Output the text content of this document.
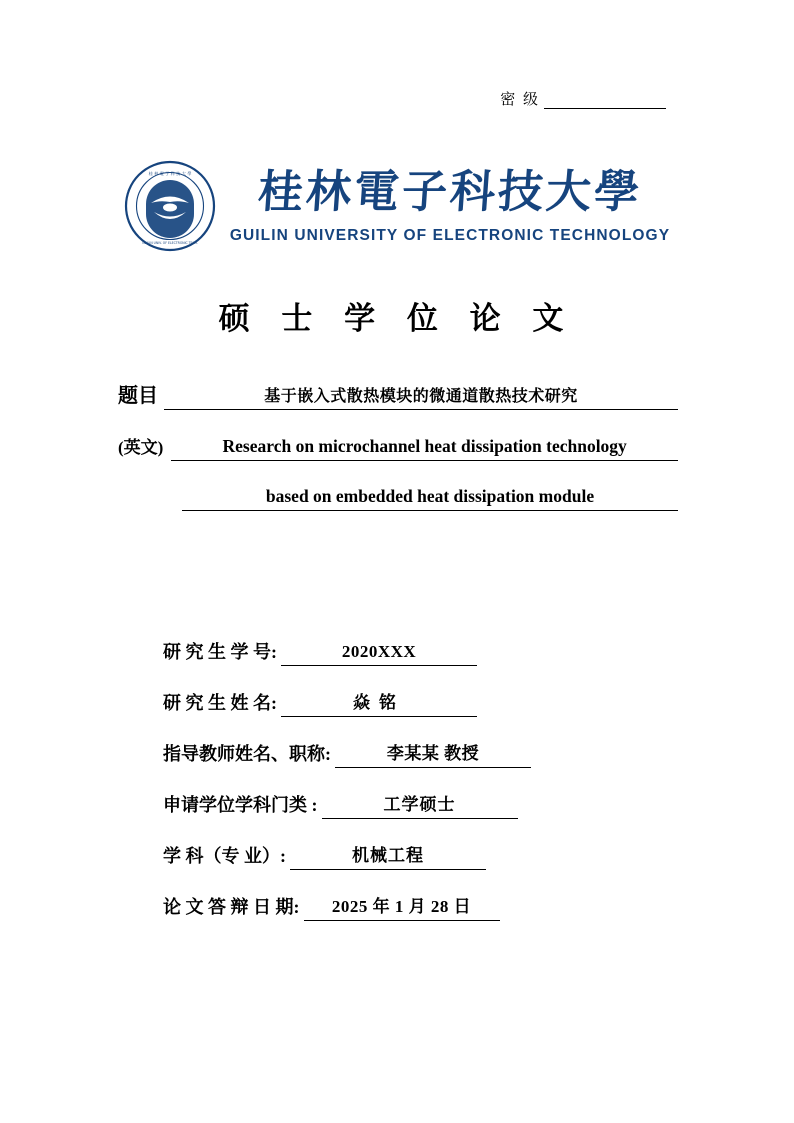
密 级
桂 林 電 子 科 技 大 學
GUILIN UNIV. OF ELECTRONIC TECH.
桂林電子科技大學
GUILIN UNIVERSITY OF ELECTRONIC TECHNOLOGY
硕 士 学 位 论 文
题目	基于嵌入式散热模块的微通道散热技术研究
(英文)	Research on microchannel heat dissipation technology
based on embedded heat dissipation module
研 究 生 学 号:	2020XXX
研 究 生 姓 名:	焱铭
指导教师姓名、职称:	李某某 教授
申请学位学科门类 :	工学硕士
学 科（专 业）:	机械工程
论 文 答 辩 日 期:	2025 年 1 月 28 日
